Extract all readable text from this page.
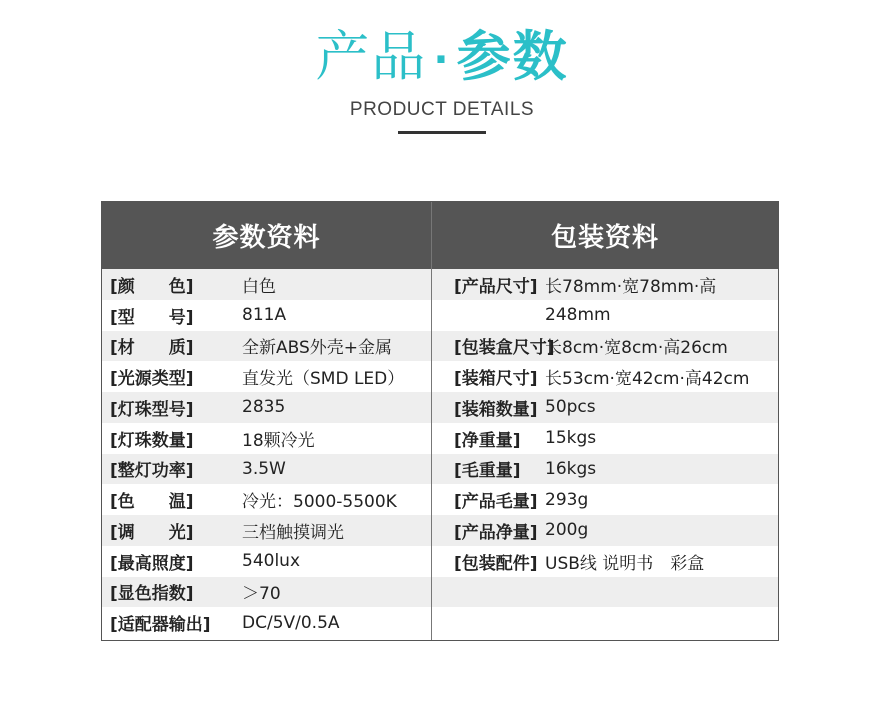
产品 · 参数
PRODUCT DETAILS
参数资料
[颜　　色]	白色
[型　　号]	811A
[材　　质]	全新ABS外壳+金属
[光源类型]	直发光（SMD LED）
[灯珠型号]	2835
[灯珠数量]	18颗冷光
[整灯功率]	3.5W
[色　　温]	冷光：5000-5500K
[调　　光]	三档触摸调光
[最高照度]	540lux
[显色指数]	＞70
[适配器输出]	DC/5V/0.5A
包装资料
[产品尺寸] 长78mm·宽78mm·高
248mm
[包装盒尺寸]
长8cm·宽8cm·高26cm
[装箱尺寸] 长53cm·宽42cm·高42cm
[装箱数量] 50pcs
[净重量]	15kgs
[毛重量]	16kgs
[产品毛量] 293g
[产品净量] 200g
[包装配件] USB线 说明书　彩盒
